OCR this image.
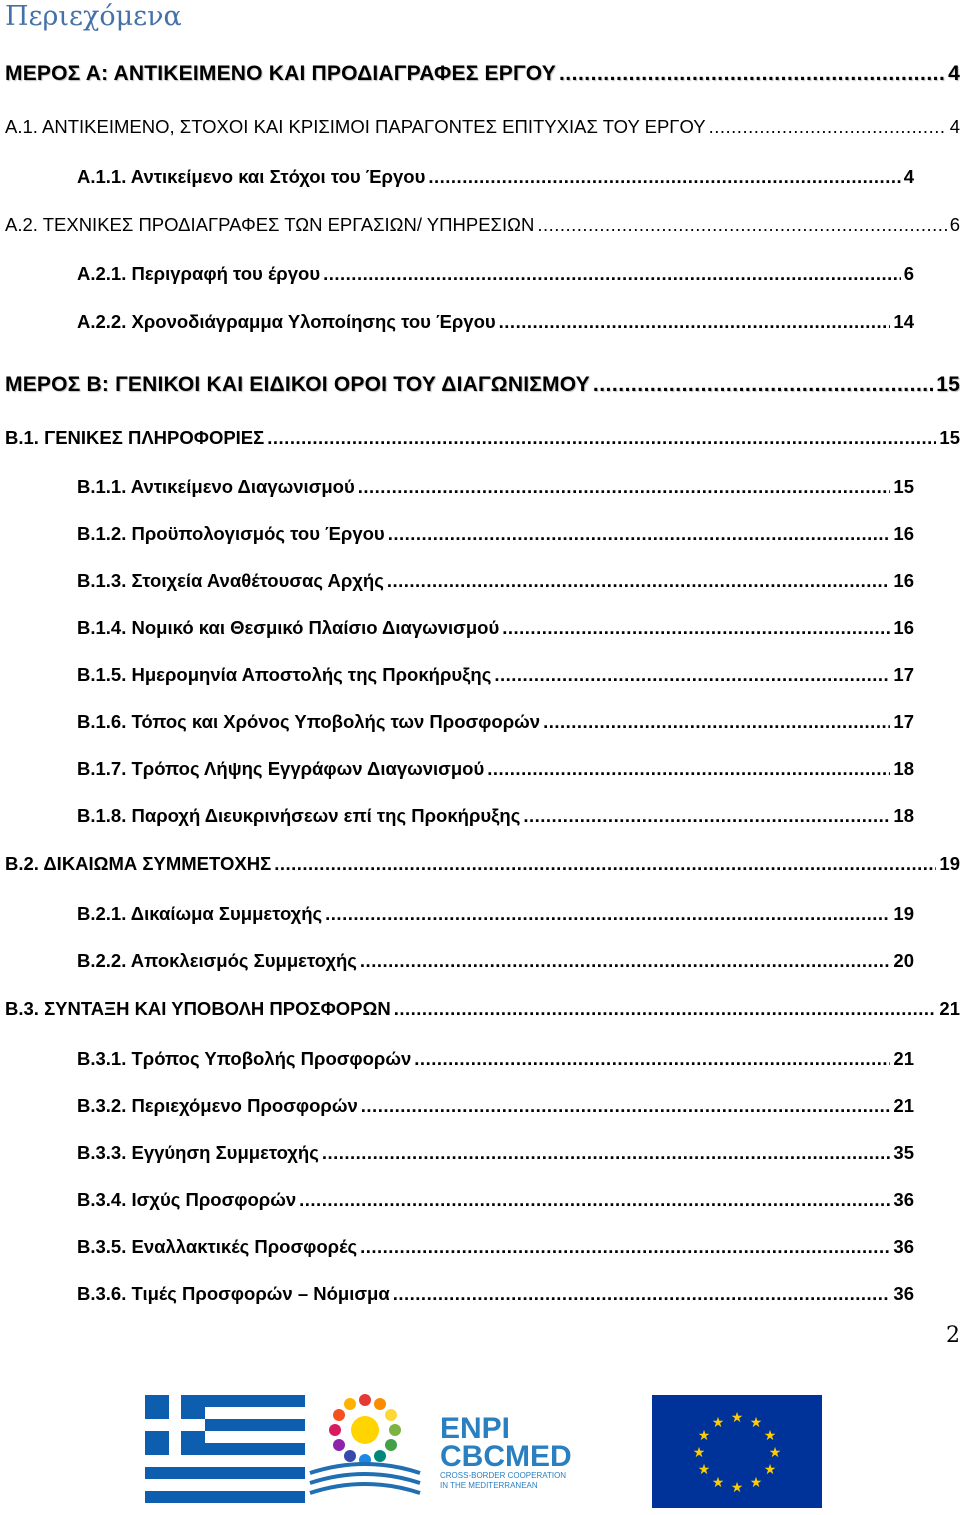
Περιεχόμενα
ΜΕΡΟΣ Α: ΑΝΤΙΚΕΙΜΕΝΟ ΚΑΙ ΠΡΟΔΙΑΓΡΑΦΕΣ ΕΡΓΟΥ .....	4
Α.1. ΑΝΤΙΚΕΙΜΕΝΟ, ΣΤΟΧΟΙ ΚΑΙ ΚΡΙΣΙΜΟΙ ΠΑΡΑΓΟΝΤΕΣ ΕΠΙΤΥΧΙΑΣ ΤΟΥ ΕΡΓΟΥ .....	4
Α.1.1. Αντικείμενο και Στόχοι του Έργου .....	4
Α.2. ΤΕΧΝΙΚΕΣ ΠΡΟΔΙΑΓΡΑΦΕΣ ΤΩΝ ΕΡΓΑΣΙΩΝ/ ΥΠΗΡΕΣΙΩΝ .....	6
Α.2.1. Περιγραφή του έργου .....	6
Α.2.2. Χρονοδιάγραμμα Υλοποίησης του Έργου .....	14
ΜΕΡΟΣ Β: ΓΕΝΙΚΟΙ ΚΑΙ ΕΙΔΙΚΟΙ ΟΡΟΙ ΤΟΥ ΔΙΑΓΩΝΙΣΜΟΥ .....	15
Β.1. ΓΕΝΙΚΕΣ ΠΛΗΡΟΦΟΡΙΕΣ .....	15
Β.1.1. Αντικείμενο Διαγωνισμού .....	15
Β.1.2. Προϋπολογισμός του Έργου .....	16
Β.1.3. Στοιχεία Αναθέτουσας Αρχής .....	16
Β.1.4. Νομικό και Θεσμικό Πλαίσιο Διαγωνισμού .....	16
Β.1.5. Ημερομηνία Αποστολής της Προκήρυξης .....	17
Β.1.6. Τόπος και Χρόνος Υποβολής των Προσφορών .....	17
Β.1.7. Τρόπος Λήψης Εγγράφων Διαγωνισμού .....	18
Β.1.8. Παροχή Διευκρινήσεων επί της Προκήρυξης .....	18
Β.2. ΔΙΚΑΙΩΜΑ ΣΥΜΜΕΤΟΧΗΣ .....	19
Β.2.1. Δικαίωμα Συμμετοχής .....	19
Β.2.2. Αποκλεισμός Συμμετοχής .....	20
Β.3. ΣΥΝΤΑΞΗ ΚΑΙ ΥΠΟΒΟΛΗ ΠΡΟΣΦΟΡΩΝ .....	21
Β.3.1. Τρόπος Υποβολής Προσφορών .....	21
Β.3.2. Περιεχόμενο Προσφορών .....	21
Β.3.3. Εγγύηση Συμμετοχής .....	35
Β.3.4. Ισχύς Προσφορών .....	36
Β.3.5. Εναλλακτικές Προσφορές .....	36
Β.3.6. Τιμές Προσφορών – Νόμισμα .....	36
2
ENPI
CBCMED
CROSS-BORDER COOPERATION
IN THE MEDITERRANEAN
★ ★
★
★
★
★
★
★
★
★
★
★
